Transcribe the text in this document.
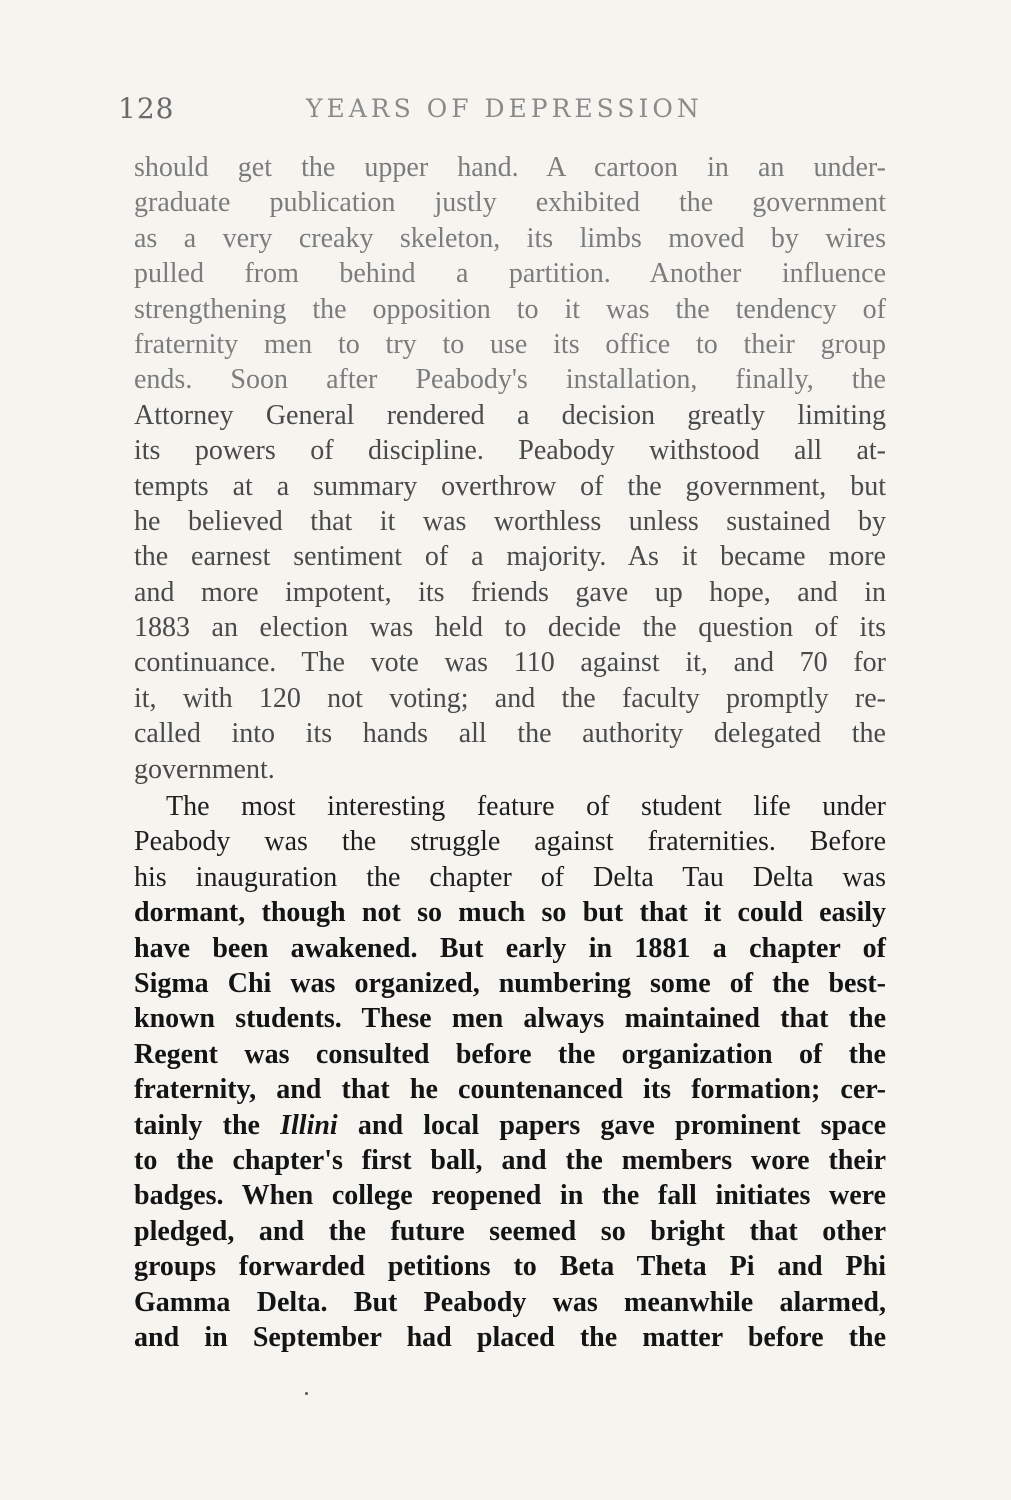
128	YEARS OF DEPRESSION
should get the upper hand. A cartoon in an under-
graduate publication justly exhibited the government
as a very creaky skeleton, its limbs moved by wires
pulled from behind a partition. Another influence
strengthening the opposition to it was the tendency of
fraternity men to try to use its office to their group
ends. Soon after Peabody's installation, finally, the
Attorney General rendered a decision greatly limiting
its powers of discipline. Peabody withstood all at-
tempts at a summary overthrow of the government, but
he believed that it was worthless unless sustained by
the earnest sentiment of a majority. As it became more
and more impotent, its friends gave up hope, and in
1883 an election was held to decide the question of its
continuance. The vote was 110 against it, and 70 for
it, with 120 not voting; and the faculty promptly re-
called into its hands all the authority delegated the
government.
The most interesting feature of student life under
Peabody was the struggle against fraternities. Before
his inauguration the chapter of Delta Tau Delta was
dormant, though not so much so but that it could easily
have been awakened. But early in 1881 a chapter of
Sigma Chi was organized, numbering some of the best-
known students. These men always maintained that the
Regent was consulted before the organization of the
fraternity, and that he countenanced its formation; cer-
tainly the Illini and local papers gave prominent space
to the chapter's first ball, and the members wore their
badges. When college reopened in the fall initiates were
pledged, and the future seemed so bright that other
groups forwarded petitions to Beta Theta Pi and Phi
Gamma Delta. But Peabody was meanwhile alarmed,
and in September had placed the matter before the
